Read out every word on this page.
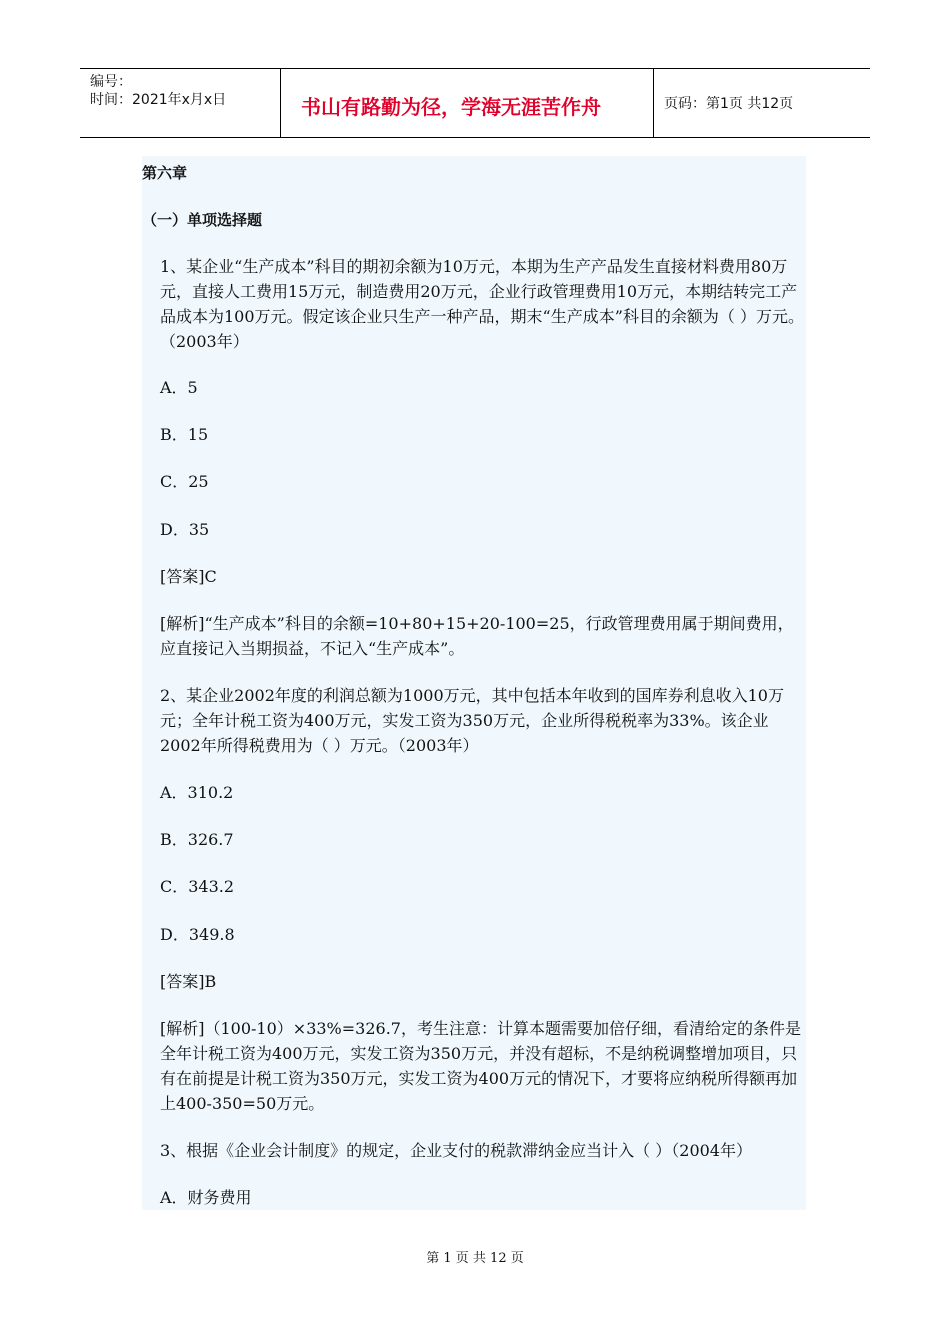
编号：
时间：2021年x月x日	书山有路勤为径，学海无涯苦作舟	页码：第1页 共12页
第六章
（一）单项选择题
1、某企业“生产成本”科目的期初余额为10万元，本期为生产产品发生直接材料费用80万元，直接人工费用15万元，制造费用20万元，企业行政管理费用10万元，本期结转完工产品成本为100万元。假定该企业只生产一种产品，期末“生产成本”科目的余额为（ ）万元。（2003年）
A．5
B．15
C．25
D．35
[答案]C
[解析]“生产成本”科目的余额=10+80+15+20-100=25，行政管理费用属于期间费用，应直接记入当期损益，不记入“生产成本”。
2、某企业2002年度的利润总额为1000万元，其中包括本年收到的国库券利息收入10万元；全年计税工资为400万元，实发工资为350万元，企业所得税税率为33%。该企业2002年所得税费用为（ ）万元。（2003年）
A．310.2
B．326.7
C．343.2
D．349.8
[答案]B
[解析]（100-10）×33%=326.7，考生注意：计算本题需要加倍仔细，看清给定的条件是全年计税工资为400万元，实发工资为350万元，并没有超标，不是纳税调整增加项目，只有在前提是计税工资为350万元，实发工资为400万元的情况下，才要将应纳税所得额再加上400-350=50万元。
3、根据《企业会计制度》的规定，企业支付的税款滞纳金应当计入（ ）（2004年）
A．财务费用
第 1 页 共 12 页
